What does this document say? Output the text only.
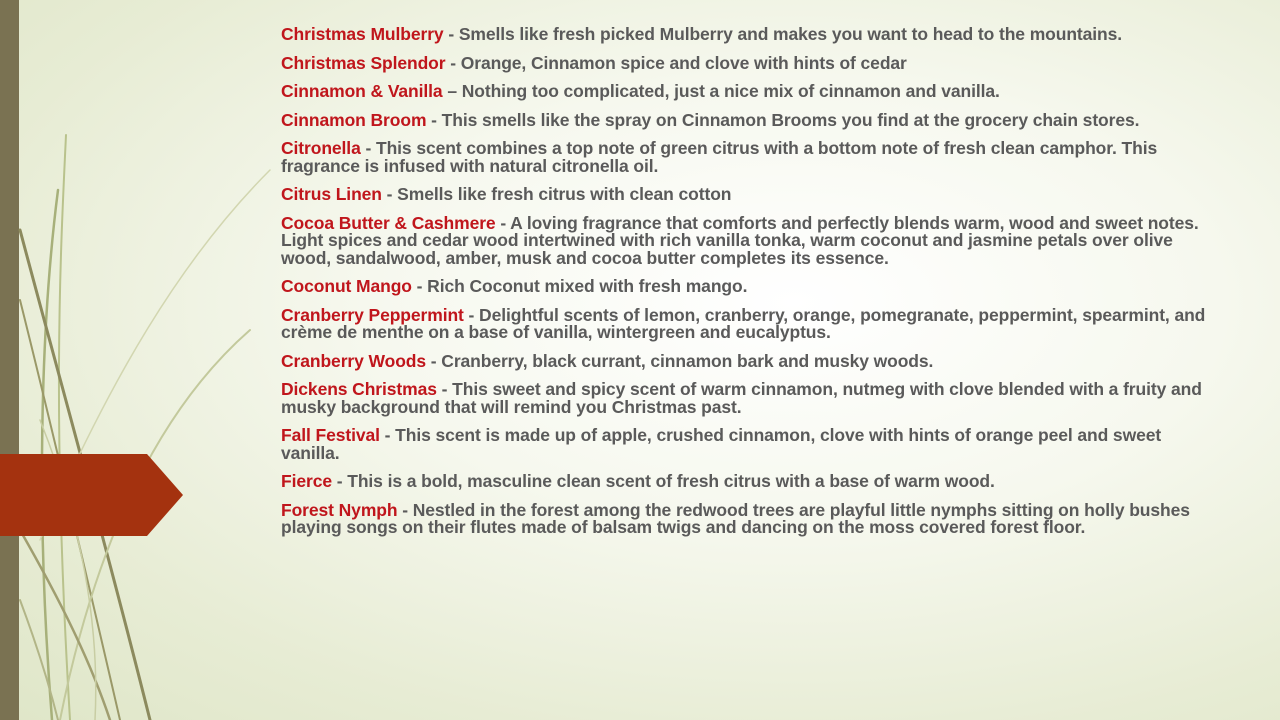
Christmas Mulberry - Smells like fresh picked Mulberry and makes you want to head to the mountains.

Christmas Splendor - Orange, Cinnamon spice and clove with hints of cedar

Cinnamon & Vanilla – Nothing too complicated, just a nice mix of cinnamon and vanilla.

Cinnamon Broom - This smells like the spray on Cinnamon Brooms you find at the grocery chain stores.

Citronella - This scent combines a top note of green citrus with a bottom note of fresh clean camphor. This fragrance is infused with natural citronella oil.

Citrus Linen - Smells like fresh citrus with clean cotton

Cocoa Butter & Cashmere - A loving fragrance that comforts and perfectly blends warm, wood and sweet notes. Light spices and cedar wood intertwined with rich vanilla tonka, warm coconut and jasmine petals over olive wood, sandalwood, amber, musk and cocoa butter completes its essence.

Coconut Mango - Rich Coconut mixed with fresh mango.

Cranberry Peppermint - Delightful scents of lemon, cranberry, orange, pomegranate, peppermint, spearmint, and crème de menthe on a base of vanilla, wintergreen and eucalyptus.

Cranberry Woods - Cranberry, black currant, cinnamon bark and musky woods.

Dickens Christmas - This sweet and spicy scent of warm cinnamon, nutmeg with clove blended with a fruity and musky background that will remind you Christmas past.

Fall Festival - This scent is made up of apple, crushed cinnamon, clove with hints of orange peel and sweet vanilla.

Fierce - This is a bold, masculine clean scent of fresh citrus with a base of warm wood.

Forest Nymph - Nestled in the forest among the redwood trees are playful little nymphs sitting on holly bushes playing songs on their flutes made of balsam twigs and dancing on the moss covered forest floor.
